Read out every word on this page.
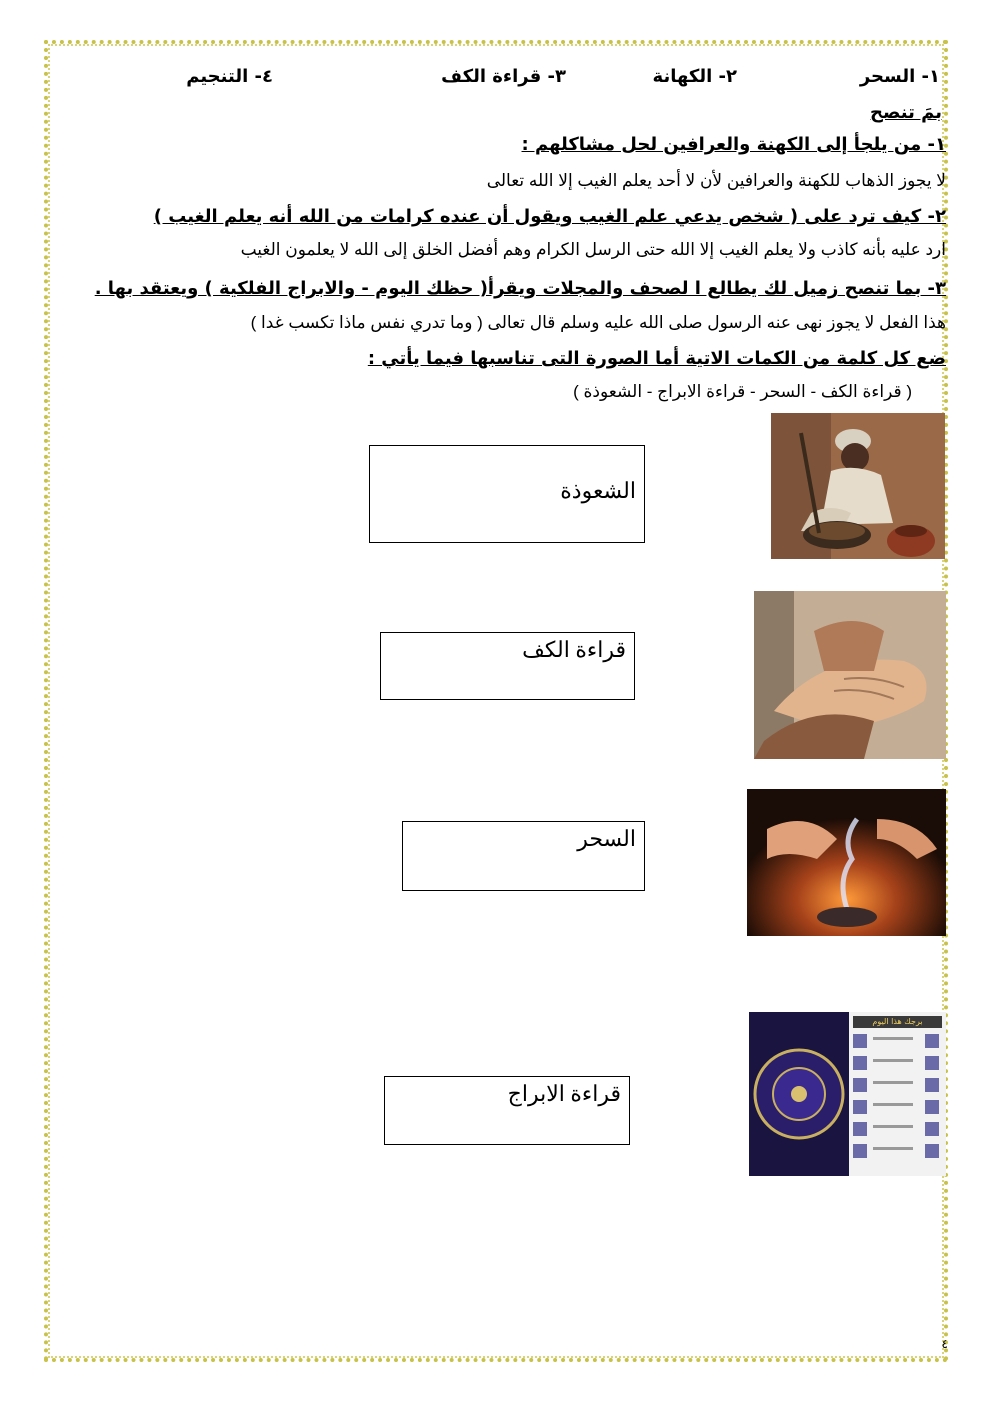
١- السحر
٢- الكهانة
٣- قراءة الكف
٤- التنجيم
بمَ تنصح
١- من يلجأ إلى الكهنة والعرافين لحل مشاكلهم :
لا يجوز الذهاب للكهنة والعرافين لأن لا أحد يعلم الغيب إلا الله تعالى
٢- كيف ترد على ( شخص يدعي علم الغيب ويقول أن عنده كرامات من الله أنه يعلم الغيب )
ارد عليه بأنه كاذب ولا يعلم الغيب إلا الله حتى الرسل الكرام وهم أفضل الخلق إلى الله لا يعلمون الغيب
٣- بما تنصح زميل لك يطالع ا لصحف والمجلات ويقرأ( حظك اليوم - والابراج الفلكية ) ويعتقد بها .
هذا الفعل لا يجوز نهى عنه الرسول صلى الله عليه وسلم قال تعالى ( وما تدري نفس ماذا تكسب غدا )
ضع كل كلمة من الكمات الاتية أما الصورة التى تناسبها فيما يأتي :
( قراءة الكف - السحر - قراءة الابراج - الشعوذة )
الشعوذة
قراءة الكف
السحر
قراءة الابراج
برجك هذا اليوم
٤
